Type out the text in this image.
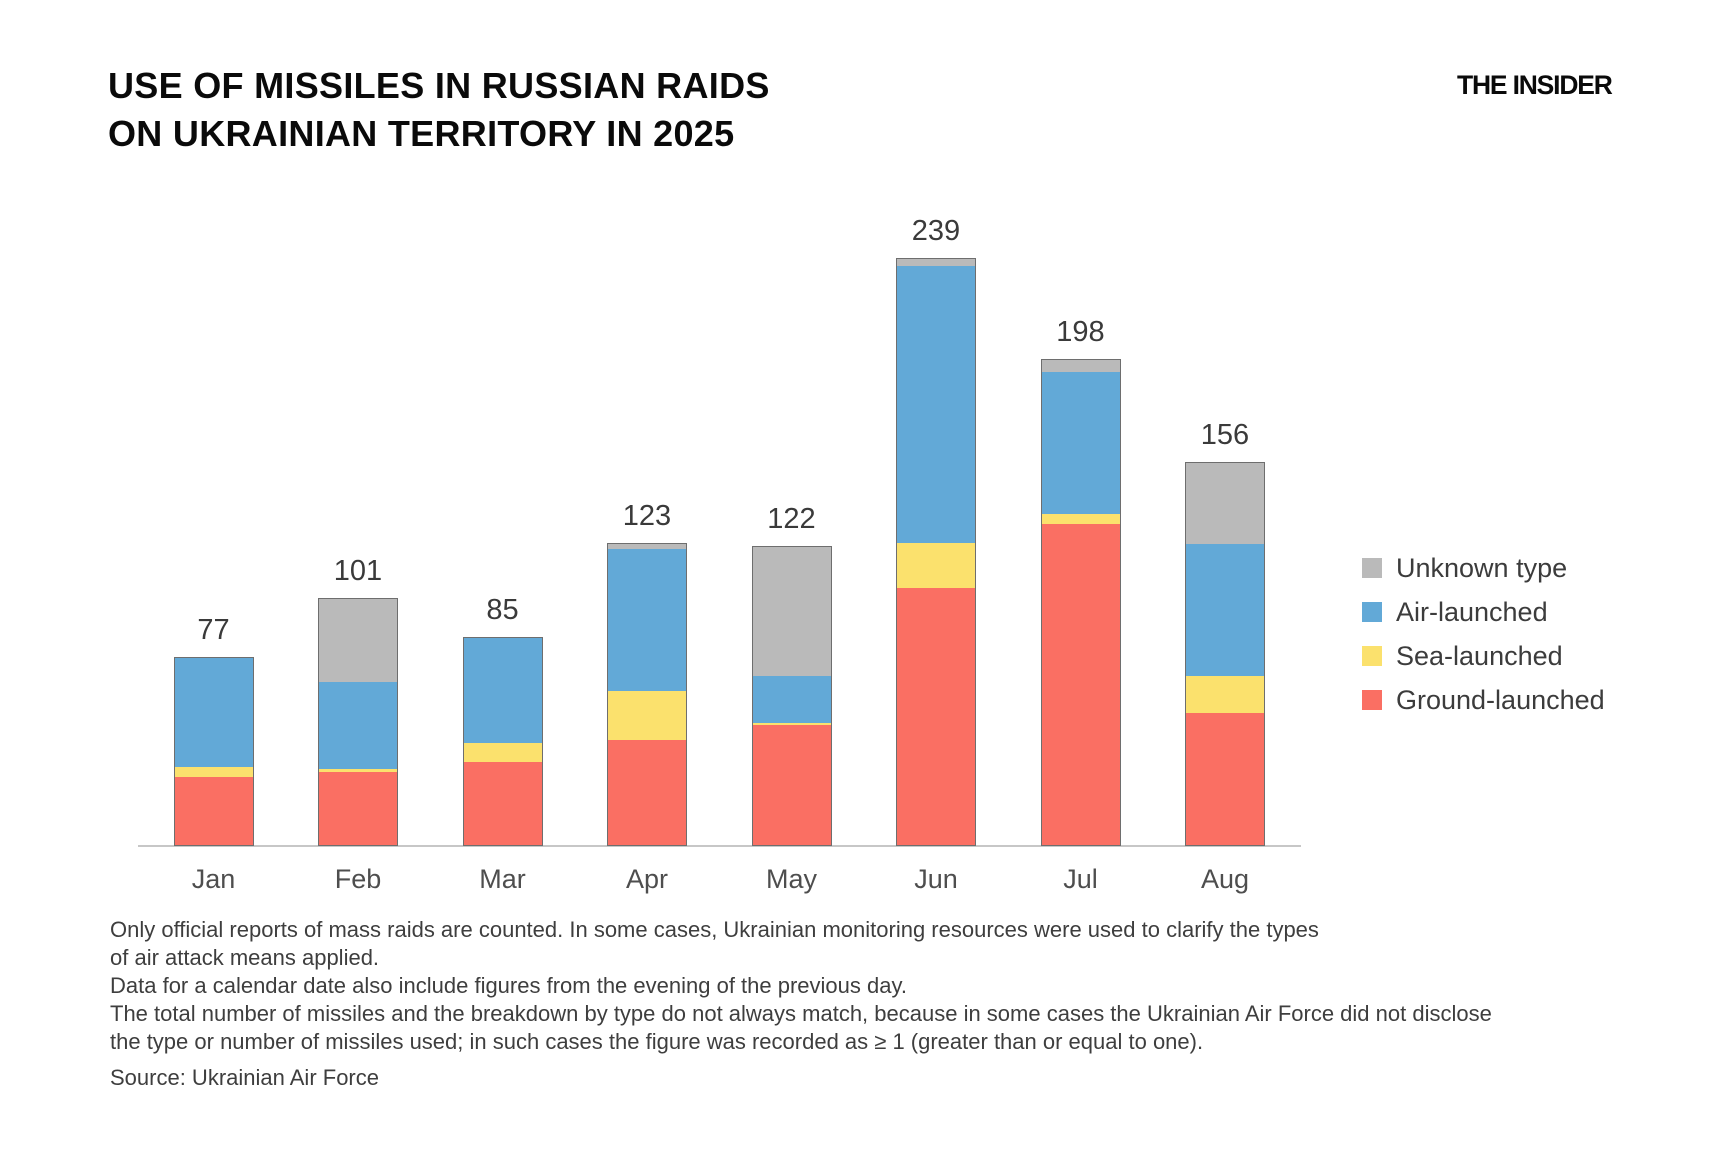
USE OF MISSILES IN RUSSIAN RAIDS
ON UKRAINIAN TERRITORY IN 2025
THE INSIDER
77
Jan
101
Feb
85
Mar
123
Apr
122
May
239
Jun
198
Jul
156
Aug
Unknown type
Air-launched
Sea-launched
Ground-launched
Only official reports of mass raids are counted. In some cases, Ukrainian monitoring resources were used to clarify the types
of air attack means applied.
Data for a calendar date also include figures from the evening of the previous day.
The total number of missiles and the breakdown by type do not always match, because in some cases the Ukrainian Air Force did not disclose
the type or number of missiles used; in such cases the figure was recorded as ≥ 1 (greater than or equal to one).
Source: Ukrainian Air Force
